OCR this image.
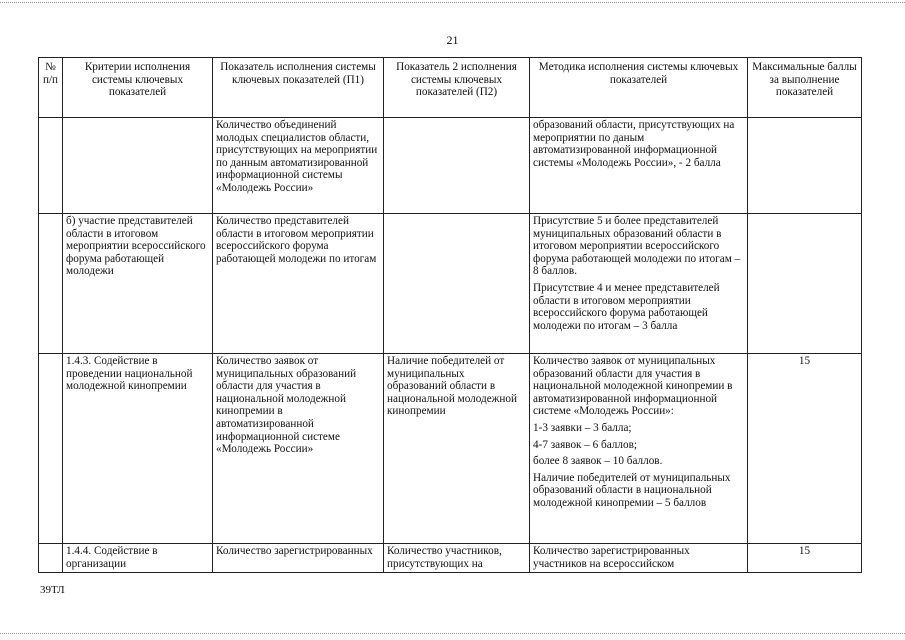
21
№ п/п	Критерии исполнения системы ключевых показателей	Показатель исполнения системы ключевых показателей (П1)	Показатель 2 исполнения системы ключевых показателей (П2)	Методика исполнения системы ключевых показателей	Максимальные баллы за выполнение показателей
		Количество объединений молодых специалистов области, присутствующих на мероприятии по данным автоматизированной информационной системы «Молодежь России»		образований области, присутствующих на мероприятии по даным автоматизированной информационной системы «Молодежь России», - 2 балла	

	б) участие представителей области в итоговом мероприятии всероссийского форума работающей молодежи	Количество представителей области в итоговом мероприятии всероссийского форума работающей молодежи по итогам		Присутствие 5 и более представителей муниципальных образований области в итоговом мероприятии всероссийского форума работающей молодежи по итогам – 8 баллов.

Присутствие 4 и менее представителей области в итоговом мероприятии всероссийского форума работающей молодежи по итогам – 3 балла	

	1.4.3. Содействие в проведении национальной молодежной кинопремии	Количество заявок от муниципальных образований области для участия в национальной молодежной кинопремии в автоматизированной информационной системе «Молодежь России»	Наличие победителей от муниципальных образований области в национальной молодежной кинопремии	Количество заявок от муниципальных образований области для участия в национальной молодежной кинопремии в автоматизированной информационной системе «Молодежь России»:

1-3 заявки – 3 балла;

4-7 заявок – 6 баллов;

более 8 заявок – 10 баллов.

Наличие победителей от муниципальных образований области в национальной молодежной кинопремии – 5 баллов	15

	1.4.4. Содействие в организации	Количество зарегистрированных	Количество участников, присутствующих на	Количество зарегистрированных участников на всероссийском	15
39ТЛ
